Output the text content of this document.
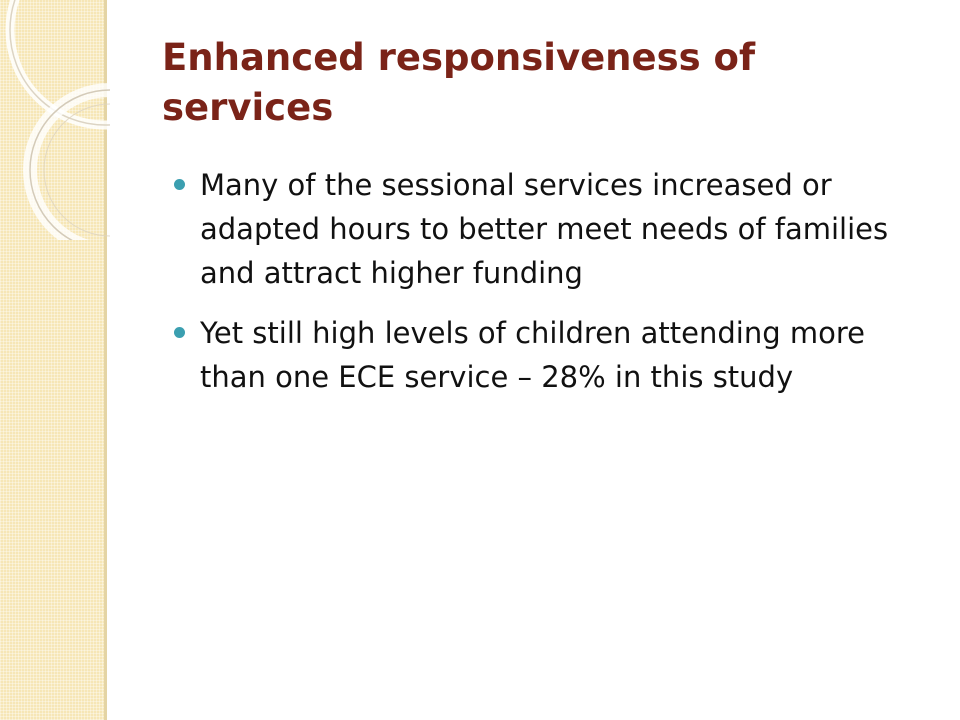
Enhanced responsiveness of services
Many of the sessional services increased or adapted hours to better meet needs of families and attract higher funding
Yet still high levels of children attending more than one ECE service – 28% in this study
